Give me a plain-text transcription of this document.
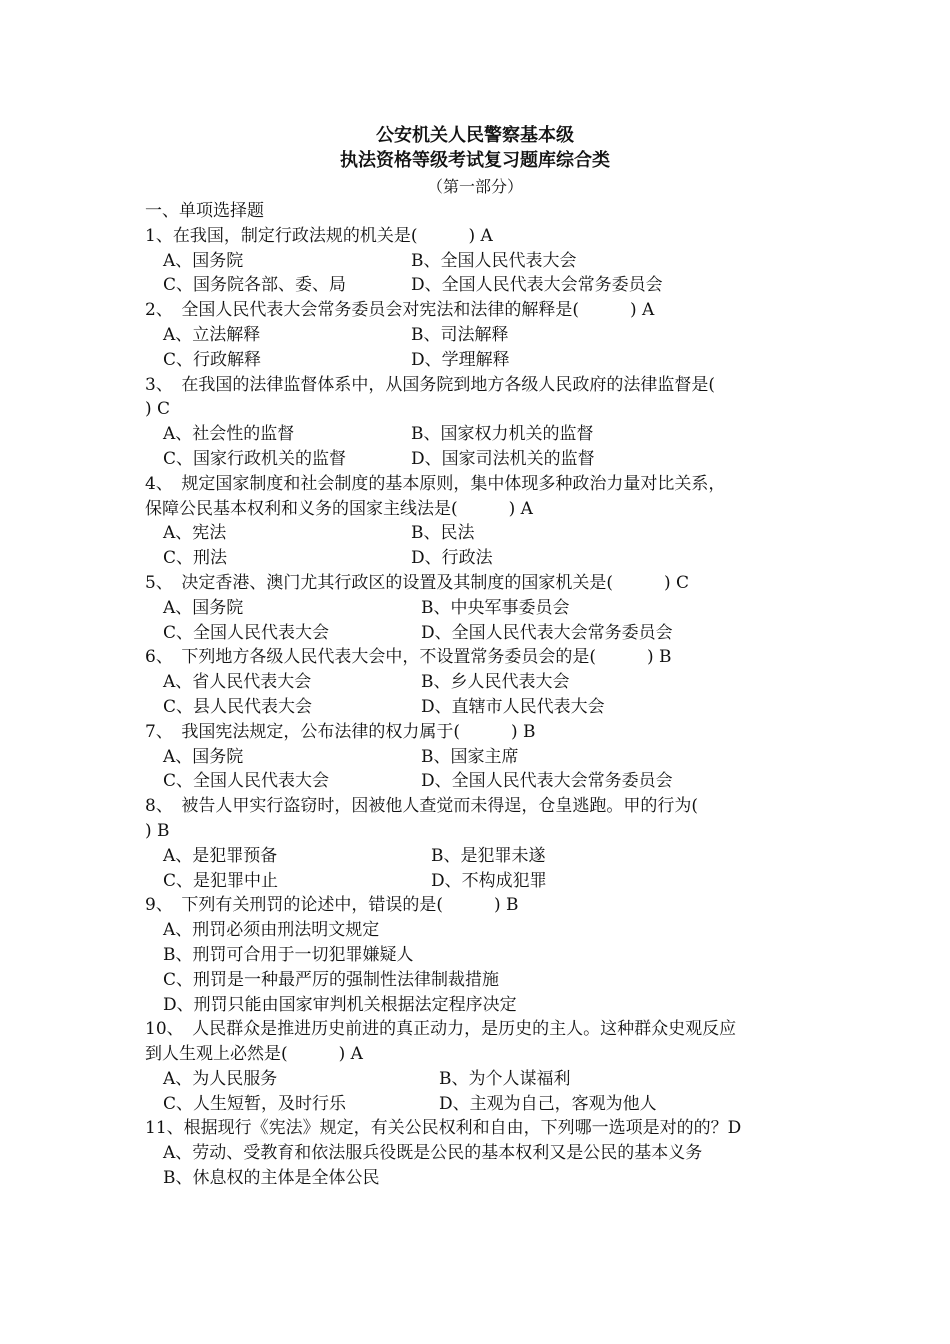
公安机关人民警察基本级
执法资格等级考试复习题库综合类
（第一部分）
一、单项选择题
1、在我国，制定行政法规的机关是(　　　) A
A、国务院	B、全国人民代表大会
C、国务院各部、委、局	D、全国人民代表大会常务委员会
2、　全国人民代表大会常务委员会对宪法和法律的解释是(　　　) A
A、立法解释	B、司法解释
C、行政解释	D、学理解释
3、　在我国的法律监督体系中，从国务院到地方各级人民政府的法律监督是(
) C
A、社会性的监督	B、国家权力机关的监督
C、国家行政机关的监督	D、国家司法机关的监督
4、　规定国家制度和社会制度的基本原则，集中体现多种政治力量对比关系，
保障公民基本权利和义务的国家主线法是(　　　) A
A、宪法	B、民法
C、刑法	D、行政法
5、　决定香港、澳门尤其行政区的设置及其制度的国家机关是(　　　) C
A、国务院	B、中央军事委员会
C、全国人民代表大会	D、全国人民代表大会常务委员会
6、　下列地方各级人民代表大会中，不设置常务委员会的是(　　　) B
A、省人民代表大会	B、乡人民代表大会
C、县人民代表大会	D、直辖市人民代表大会
7、　我国宪法规定，公布法律的权力属于(　　　) B
A、国务院	B、国家主席
C、全国人民代表大会	D、全国人民代表大会常务委员会
8、　被告人甲实行盗窃时，因被他人查觉而未得逞，仓皇逃跑。甲的行为(
) B
A、是犯罪预备	B、是犯罪未遂
C、是犯罪中止	D、不构成犯罪
9、　下列有关刑罚的论述中，错误的是(　　　) B
A、刑罚必须由刑法明文规定
B、刑罚可合用于一切犯罪嫌疑人
C、刑罚是一种最严厉的强制性法律制裁措施
D、刑罚只能由国家审判机关根据法定程序决定
10、　人民群众是推进历史前进的真正动力，是历史的主人。这种群众史观反应
到人生观上必然是(　　　) A
A、为人民服务	B、为个人谋福利
C、人生短暂，及时行乐	D、主观为自己，客观为他人
11、根据现行《宪法》规定，有关公民权利和自由，下列哪一选项是对的的？D
A、劳动、受教育和依法服兵役既是公民的基本权利又是公民的基本义务
B、休息权的主体是全体公民
